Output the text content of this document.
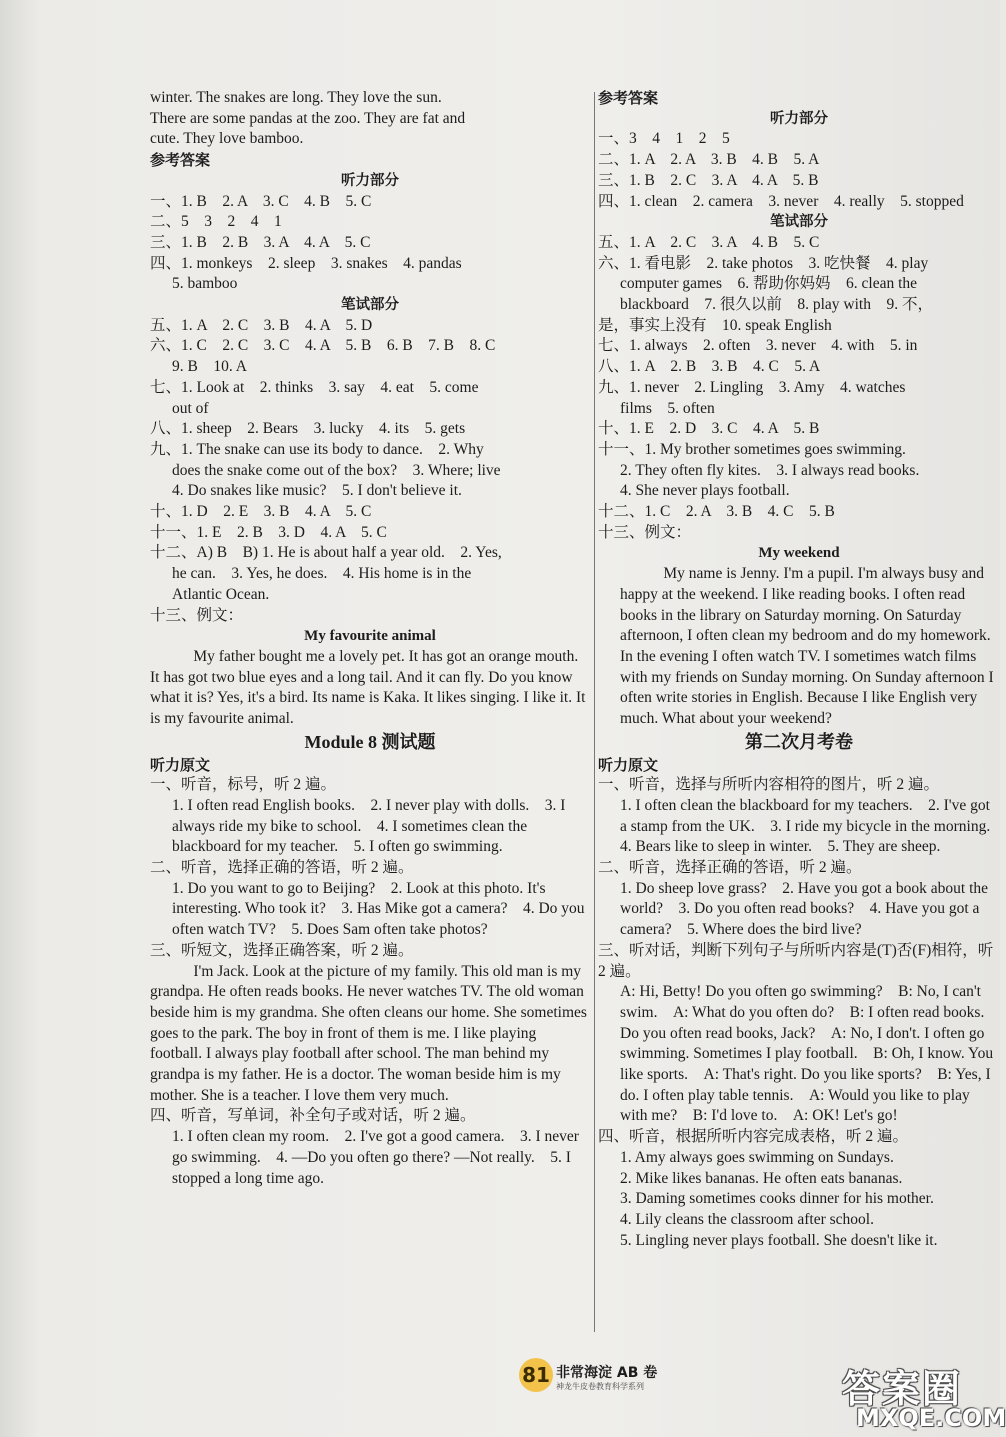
winter. The snakes are long. They love the sun.
There are some pandas at the zoo. They are fat and
cute. They love bamboo.
参考答案
听力部分
一、1. B　2. A　3. C　4. B　5. C
二、5　3　2　4　1
三、1. B　2. B　3. A　4. A　5. C
四、1. monkeys　2. sleep　3. snakes　4. pandas
5. bamboo
笔试部分
五、1. A　2. C　3. B　4. A　5. D
六、1. C　2. C　3. C　4. A　5. B　6. B　7. B　8. C
9. B　10. A
七、1. Look at　2. thinks　3. say　4. eat　5. come
out of
八、1. sheep　2. Bears　3. lucky　4. its　5. gets
九、1. The snake can use its body to dance.　2. Why
does the snake come out of the box?　3. Where; live
4. Do snakes like music?　5. I don't believe it.
十、1. D　2. E　3. B　4. A　5. C
十一、1. E　2. B　3. D　4. A　5. C
十二、A) B　B) 1. He is about half a year old.　2. Yes,
he can.　3. Yes, he does.　4. His home is in the
Atlantic Ocean.
十三、例文：
My favourite animal
My father bought me a lovely pet. It has got an orange mouth. It has got two blue eyes and a long tail. And it can fly. Do you know what it is? Yes, it's a bird. Its name is Kaka. It likes singing. I like it. It is my favourite animal.
Module 8 测试题
听力原文
一、听音，标号，听 2 遍。
1. I often read English books.　2. I never play with dolls.　3. I always ride my bike to school.　4. I sometimes clean the blackboard for my teacher.　5. I often go swimming.
二、听音，选择正确的答语，听 2 遍。
1. Do you want to go to Beijing?　2. Look at this photo. It's interesting. Who took it?　3. Has Mike got a camera?　4. Do you often watch TV?　5. Does Sam often take photos?
三、听短文，选择正确答案，听 2 遍。
I'm Jack. Look at the picture of my family. This old man is my grandpa. He often reads books. He never watches TV. The old woman beside him is my grandma. She often cleans our home. She sometimes goes to the park. The boy in front of them is me. I like playing football. I always play football after school. The man behind my grandpa is my father. He is a doctor. The woman beside him is my mother. She is a teacher. I love them very much.
四、听音，写单词，补全句子或对话，听 2 遍。
1. I often clean my room.　2. I've got a good camera.　3. I never go swimming.　4. —Do you often go there? —Not really.　5. I stopped a long time ago.
参考答案
听力部分
一、3　4　1　2　5
二、1. A　2. A　3. B　4. B　5. A
三、1. B　2. C　3. A　4. A　5. B
四、1. clean　2. camera　3. never　4. really　5. stopped
笔试部分
五、1. A　2. C　3. A　4. B　5. C
六、1. 看电影　2. take photos　3. 吃快餐　4. play
computer games　6. 帮助你妈妈　6. clean the
blackboard　7. 很久以前　8. play with　9. 不，
是，事实上没有　10. speak English
七、1. always　2. often　3. never　4. with　5. in
八、1. A　2. B　3. B　4. C　5. A
九、1. never　2. Lingling　3. Amy　4. watches
films　5. often
十、1. E　2. D　3. C　4. A　5. B
十一、1. My brother sometimes goes swimming.
2. They often fly kites.　3. I always read books.
4. She never plays football.
十二、1. C　2. A　3. B　4. C　5. B
十三、例文：
My weekend
My name is Jenny. I'm a pupil. I'm always busy and happy at the weekend. I like reading books. I often read books in the library on Saturday morning. On Saturday afternoon, I often clean my bedroom and do my homework. In the evening I often watch TV. I sometimes watch films with my friends on Sunday morning. On Sunday afternoon I often write stories in English. Because I like English very much. What about your weekend?
第二次月考卷
听力原文
一、听音，选择与所听内容相符的图片，听 2 遍。
1. I often clean the blackboard for my teachers.　2. I've got a stamp from the UK.　3. I ride my bicycle in the morning.　4. Bears like to sleep in winter.　5. They are sheep.
二、听音，选择正确的答语，听 2 遍。
1. Do sheep love grass?　2. Have you got a book about the world?　3. Do you often read books?　4. Have you got a camera?　5. Where does the bird live?
三、听对话，判断下列句子与所听内容是(T)否(F)相符，听 2 遍。
A: Hi, Betty! Do you often go swimming?　B: No, I can't swim.　A: What do you often do?　B: I often read books. Do you often read books, Jack?　A: No, I don't. I often go swimming. Sometimes I play football.　B: Oh, I know. You like sports.　A: That's right. Do you like sports?　B: Yes, I do. I often play table tennis.　A: Would you like to play with me?　B: I'd love to.　A: OK! Let's go!
四、听音，根据所听内容完成表格，听 2 遍。
1. Amy always goes swimming on Sundays.
2. Mike likes bananas. He often eats bananas.
3. Daming sometimes cooks dinner for his mother.
4. Lily cleans the classroom after school.
5. Lingling never plays football. She doesn't like it.
81 非常海淀 AB 卷
神龙牛皮卷教育科学系列	答案圈
MXQE.COM
